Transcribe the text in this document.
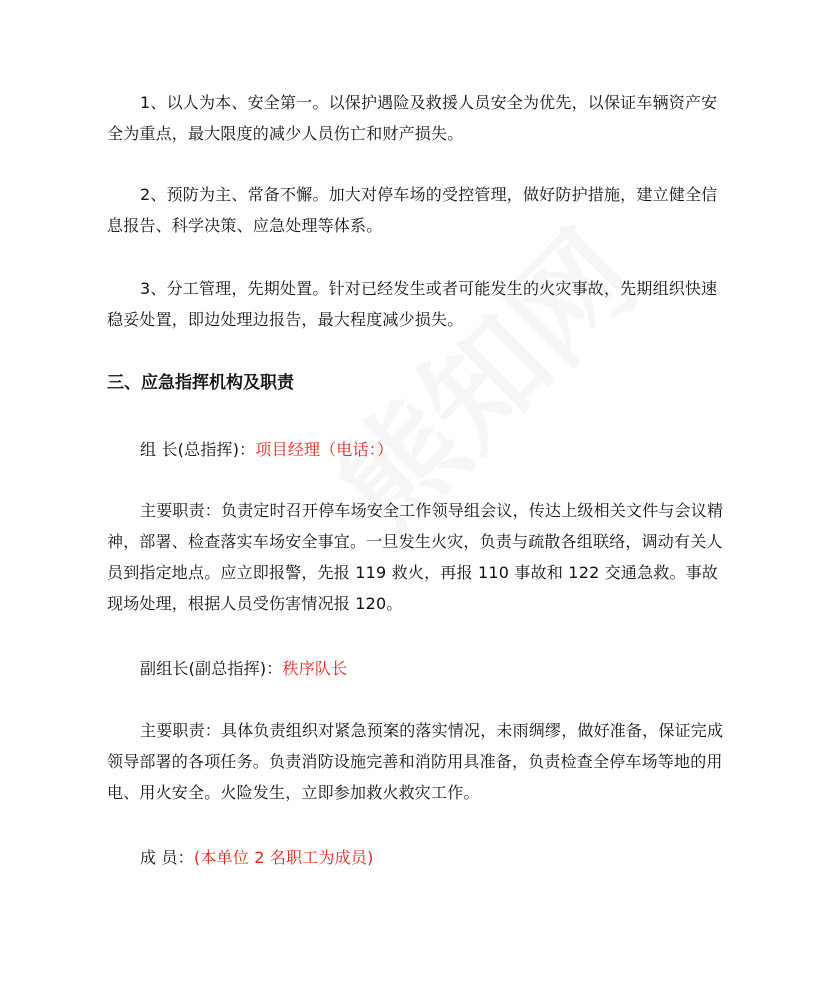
1、以人为本、安全第一。以保护遇险及救援人员安全为优先，以保证车辆资产安全为重点，最大限度的减少人员伤亡和财产损失。

2、预防为主、常备不懈。加大对停车场的受控管理，做好防护措施，建立健全信息报告、科学决策、应急处理等体系。

3、分工管理，先期处置。针对已经发生或者可能发生的火灾事故，先期组织快速稳妥处置，即边处理边报告，最大程度减少损失。

三、应急指挥机构及职责

组 长(总指挥)：项目经理（电话：）

主要职责：负责定时召开停车场安全工作领导组会议，传达上级相关文件与会议精神，部署、检查落实车场安全事宜。一旦发生火灾，负责与疏散各组联络，调动有关人员到指定地点。应立即报警，先报 119 救火，再报 110 事故和 122 交通急救。事故现场处理，根据人员受伤害情况报 120。

副组长(副总指挥)：秩序队长

主要职责：具体负责组织对紧急预案的落实情况，未雨绸缪，做好准备，保证完成领导部署的各项任务。负责消防设施完善和消防用具准备，负责检查全停车场等地的用电、用火安全。火险发生，立即参加救火救灾工作。

成 员：(本单位 2 名职工为成员)
